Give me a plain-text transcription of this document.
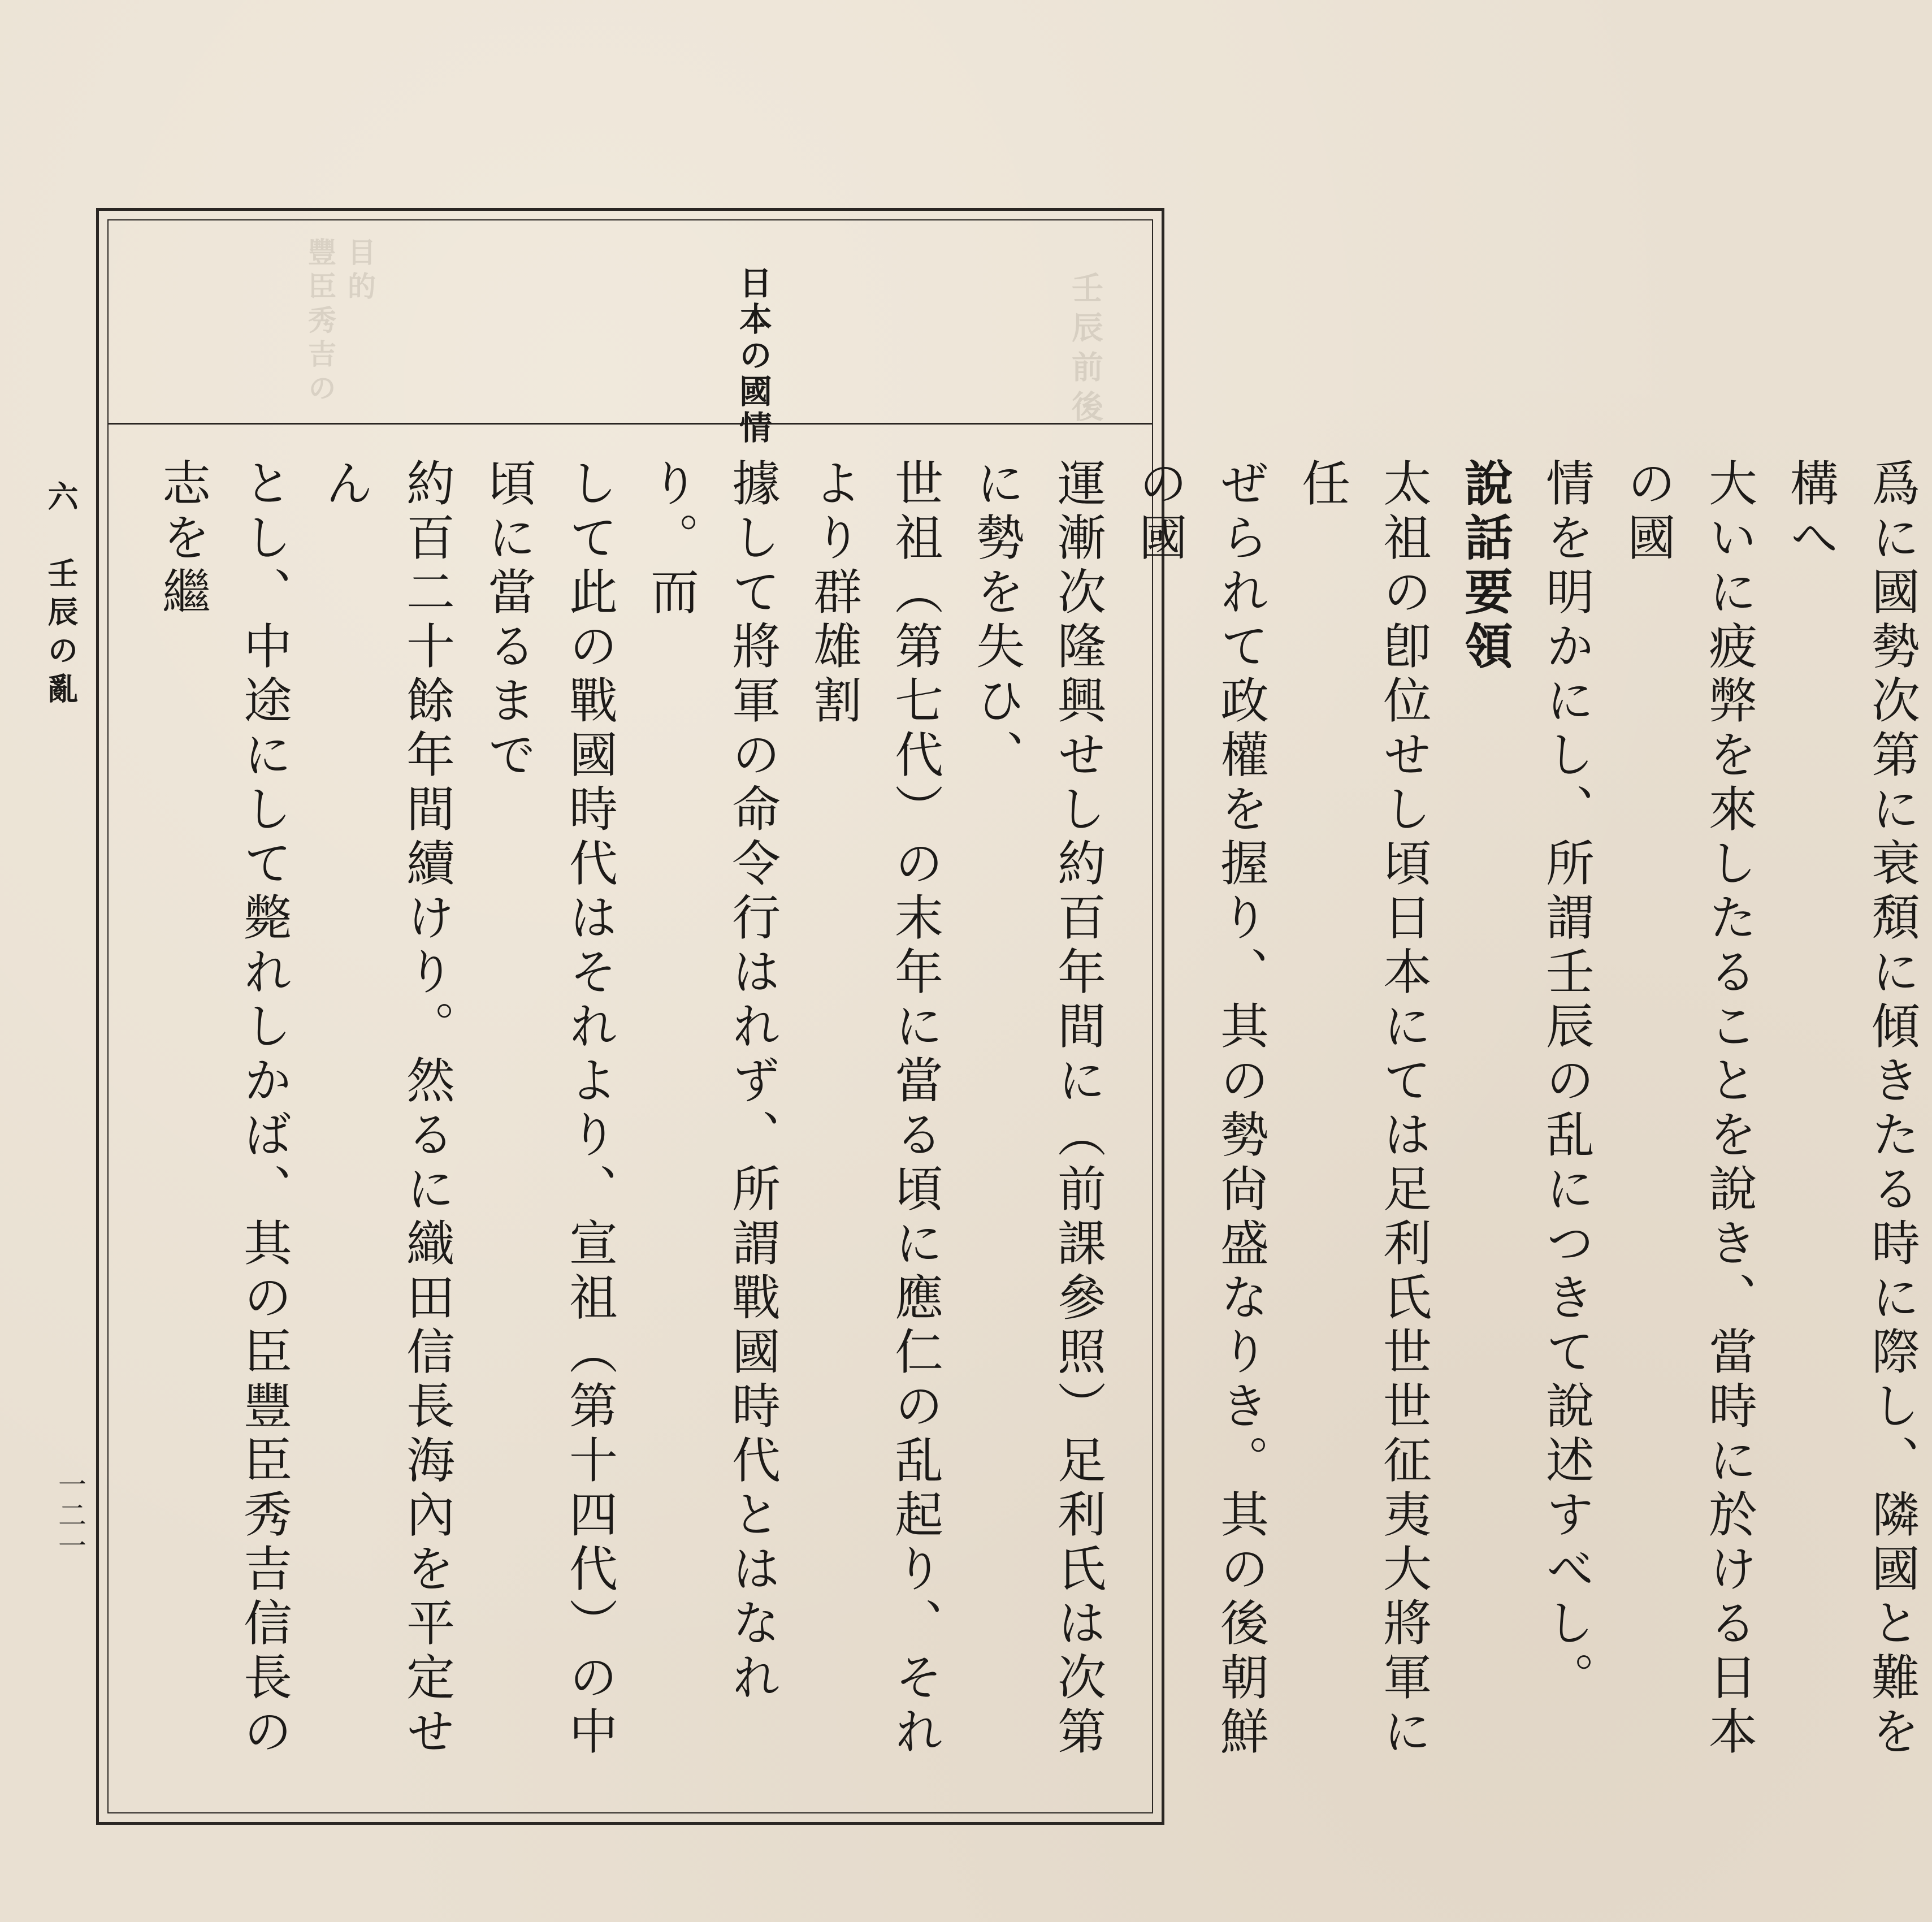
壬辰前後
目的
豐臣秀吉の	日本の國情
六　壬辰の亂
一二一	爲に國勢次第に衰頽に傾きたる時に際し、隣國と難を構へ
大いに疲弊を來したることを說き、當時に於ける日本の國
情を明かにし、所謂壬辰の乱につきて說述すべし。
說話要領
太祖の卽位せし頃日本にては足利氏世世征夷大將軍に任
ぜられて政權を握り、其の勢尙盛なりき。其の後朝鮮の國
運漸次隆興せし約百年間に（前課參照）足利氏は次第に勢を失ひ、
世祖（第七代）の末年に當る頃に應仁の乱起り、それより群雄割
據して將軍の命令行はれず、所謂戰國時代とはなれり。而
して此の戰國時代はそれより、宣祖（第十四代）の中頃に當るまで
約百二十餘年間續けり。然るに織田信長海內を平定せん
とし、中途にして斃れしかば、其の臣豐臣秀吉信長の志を繼
